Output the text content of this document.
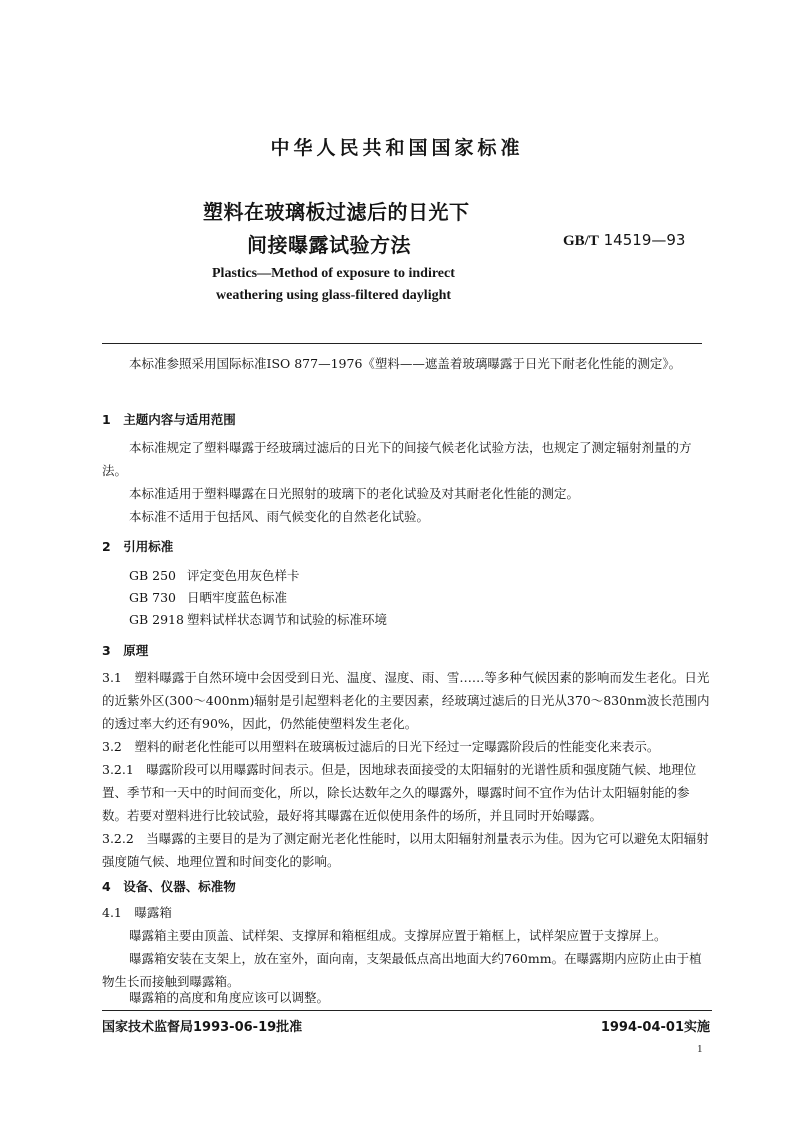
中华人民共和国国家标准
塑料在玻璃板过滤后的日光下
间接曝露试验方法	GB/T 14519—93
Plastics—Method of exposure to indirect
weathering using glass-filtered daylight
本标准参照采用国际标准ISO 877—1976《塑料——遮盖着玻璃曝露于日光下耐老化性能的测定》。
1　主题内容与适用范围
本标准规定了塑料曝露于经玻璃过滤后的日光下的间接气候老化试验方法，也规定了测定辐射剂量的方法。
本标准适用于塑料曝露在日光照射的玻璃下的老化试验及对其耐老化性能的测定。
本标准不适用于包括风、雨气候变化的自然老化试验。
2　引用标准
GB 250 评定变色用灰色样卡
GB 730 日晒牢度蓝色标准
GB 2918 塑料试样状态调节和试验的标准环境
3　原理
3.1　塑料曝露于自然环境中会因受到日光、温度、湿度、雨、雪……等多种气候因素的影响而发生老化。日光的近紫外区(300～400nm)辐射是引起塑料老化的主要因素，经玻璃过滤后的日光从370～830nm波长范围内的透过率大约还有90%，因此，仍然能使塑料发生老化。
3.2　塑料的耐老化性能可以用塑料在玻璃板过滤后的日光下经过一定曝露阶段后的性能变化来表示。
3.2.1　曝露阶段可以用曝露时间表示。但是，因地球表面接受的太阳辐射的光谱性质和强度随气候、地理位置、季节和一天中的时间而变化，所以，除长达数年之久的曝露外，曝露时间不宜作为估计太阳辐射能的参数。若要对塑料进行比较试验，最好将其曝露在近似使用条件的场所，并且同时开始曝露。
3.2.2　当曝露的主要目的是为了测定耐光老化性能时，以用太阳辐射剂量表示为佳。因为它可以避免太阳辐射强度随气候、地理位置和时间变化的影响。
4　设备、仪器、标准物
4.1　曝露箱
曝露箱主要由顶盖、试样架、支撑屏和箱框组成。支撑屏应置于箱框上，试样架应置于支撑屏上。
曝露箱安装在支架上，放在室外，面向南，支架最低点高出地面大约760mm。在曝露期内应防止由于植物生长而接触到曝露箱。
曝露箱的高度和角度应该可以调整。
国家技术监督局1993-06-19批准	1994-04-01实施
1
